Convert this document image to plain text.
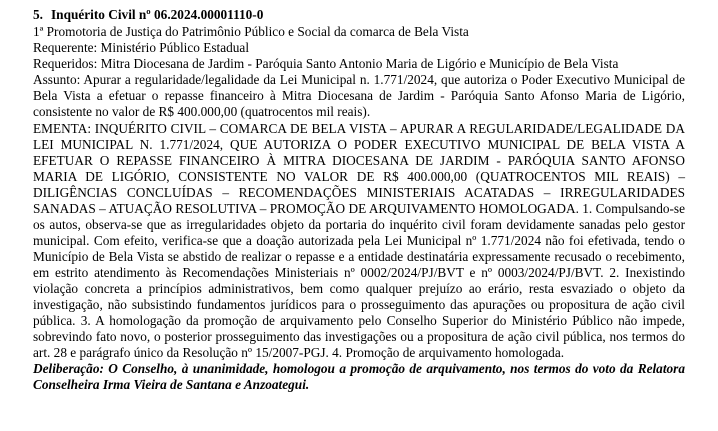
5. Inquérito Civil nº 06.2024.00001110-0
1ª Promotoria de Justiça do Patrimônio Público e Social da comarca de Bela Vista
Requerente: Ministério Público Estadual
Requeridos: Mitra Diocesana de Jardim - Paróquia Santo Antonio Maria de Ligório e Município de Bela Vista
Assunto: Apurar a regularidade/legalidade da Lei Municipal n. 1.771/2024, que autoriza o Poder Executivo Municipal de Bela Vista a efetuar o repasse financeiro à Mitra Diocesana de Jardim - Paróquia Santo Afonso Maria de Ligório, consistente no valor de R$ 400.000,00 (quatrocentos mil reais).
EMENTA: INQUÉRITO CIVIL – COMARCA DE BELA VISTA – APURAR A REGULARIDADE/LEGALIDADE DA LEI MUNICIPAL N. 1.771/2024, QUE AUTORIZA O PODER EXECUTIVO MUNICIPAL DE BELA VISTA A EFETUAR O REPASSE FINANCEIRO À MITRA DIOCESANA DE JARDIM - PARÓQUIA SANTO AFONSO MARIA DE LIGÓRIO, CONSISTENTE NO VALOR DE R$ 400.000,00 (QUATROCENTOS MIL REAIS) – DILIGÊNCIAS CONCLUÍDAS – RECOMENDAÇÕES MINISTERIAIS ACATADAS – IRREGULARIDADES SANADAS – ATUAÇÃO RESOLUTIVA – PROMOÇÃO DE ARQUIVAMENTO HOMOLOGADA. 1. Compulsando-se os autos, observa-se que as irregularidades objeto da portaria do inquérito civil foram devidamente sanadas pelo gestor municipal. Com efeito, verifica-se que a doação autorizada pela Lei Municipal nº 1.771/2024 não foi efetivada, tendo o Município de Bela Vista se abstido de realizar o repasse e a entidade destinatária expressamente recusado o recebimento, em estrito atendimento às Recomendações Ministeriais nº 0002/2024/PJ/BVT e nº 0003/2024/PJ/BVT. 2. Inexistindo violação concreta a princípios administrativos, bem como qualquer prejuízo ao erário, resta esvaziado o objeto da investigação, não subsistindo fundamentos jurídicos para o prosseguimento das apurações ou propositura de ação civil pública. 3. A homologação da promoção de arquivamento pelo Conselho Superior do Ministério Público não impede, sobrevindo fato novo, o posterior prosseguimento das investigações ou a propositura de ação civil pública, nos termos do art. 28 e parágrafo único da Resolução nº 15/2007-PGJ. 4. Promoção de arquivamento homologada.
Deliberação: O Conselho, à unanimidade, homologou a promoção de arquivamento, nos termos do voto da Relatora Conselheira Irma Vieira de Santana e Anzoategui.
